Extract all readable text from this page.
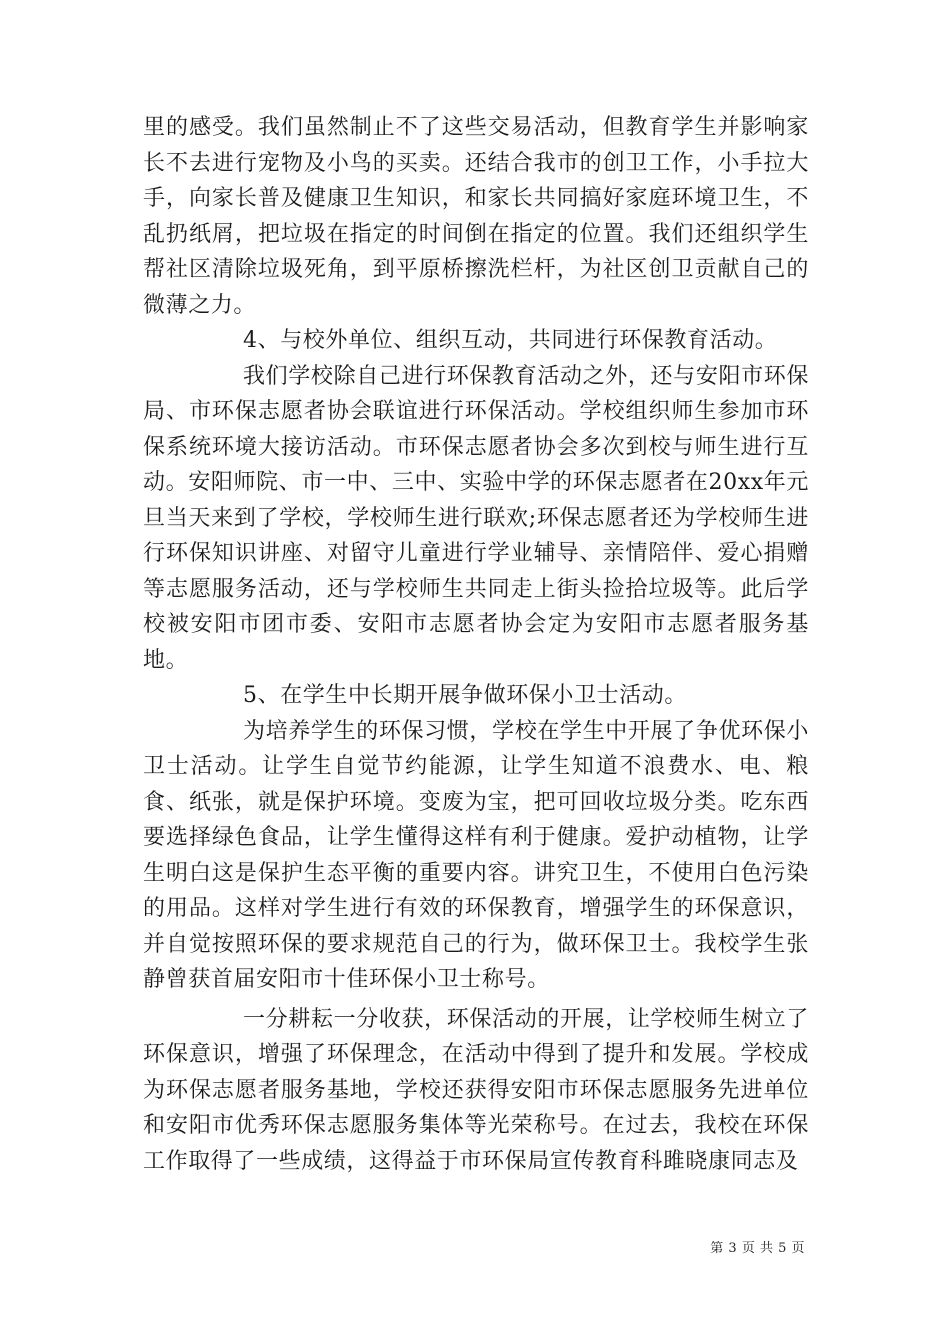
里的感受。我们虽然制止不了这些交易活动，但教育学生并影响家长不去进行宠物及小鸟的买卖。还结合我市的创卫工作，小手拉大手，向家长普及健康卫生知识，和家长共同搞好家庭环境卫生，不乱扔纸屑，把垃圾在指定的时间倒在指定的位置。我们还组织学生帮社区清除垃圾死角，到平原桥擦洗栏杆，为社区创卫贡献自己的微薄之力。

4、与校外单位、组织互动，共同进行环保教育活动。

我们学校除自己进行环保教育活动之外，还与安阳市环保局、市环保志愿者协会联谊进行环保活动。学校组织师生参加市环保系统环境大接访活动。市环保志愿者协会多次到校与师生进行互动。安阳师院、市一中、三中、实验中学的环保志愿者在20xx年元旦当天来到了学校，学校师生进行联欢;环保志愿者还为学校师生进行环保知识讲座、对留守儿童进行学业辅导、亲情陪伴、爱心捐赠等志愿服务活动，还与学校师生共同走上街头捡拾垃圾等。此后学校被安阳市团市委、安阳市志愿者协会定为安阳市志愿者服务基地。

5、在学生中长期开展争做环保小卫士活动。

为培养学生的环保习惯，学校在学生中开展了争优环保小卫士活动。让学生自觉节约能源，让学生知道不浪费水、电、粮食、纸张，就是保护环境。变废为宝，把可回收垃圾分类。吃东西要选择绿色食品，让学生懂得这样有利于健康。爱护动植物，让学生明白这是保护生态平衡的重要内容。讲究卫生，不使用白色污染的用品。这样对学生进行有效的环保教育，增强学生的环保意识，并自觉按照环保的要求规范自己的行为，做环保卫士。我校学生张静曾获首届安阳市十佳环保小卫士称号。

一分耕耘一分收获，环保活动的开展，让学校师生树立了环保意识，增强了环保理念，在活动中得到了提升和发展。学校成为环保志愿者服务基地，学校还获得安阳市环保志愿服务先进单位和安阳市优秀环保志愿服务集体等光荣称号。在过去，我校在环保工作取得了一些成绩，这得益于市环保局宣传教育科雎晓康同志及

第 3 页 共 5 页
